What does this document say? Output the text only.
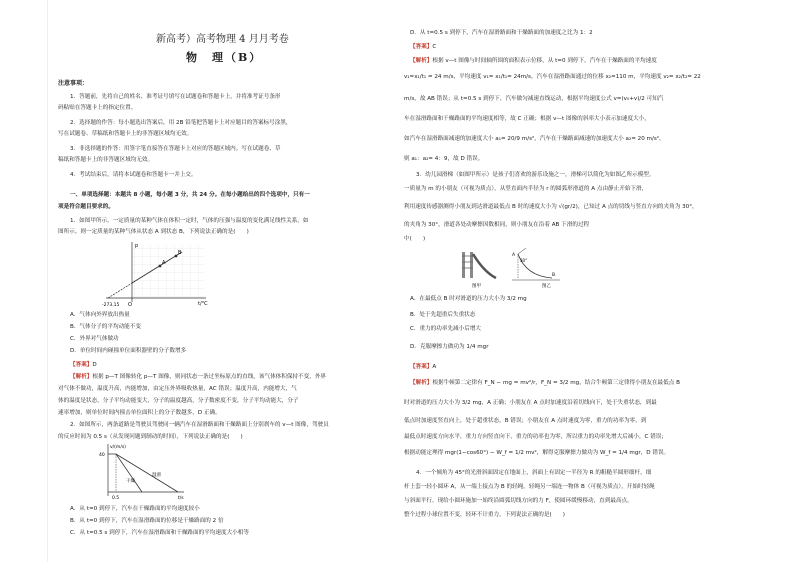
新高考）高考物理 4 月月考卷
物　理（B）
注意事项：
1．答题前，先将自己的姓名、准考证号填写在试题卷和答题卡上，并将准考证号条形
码粘贴在答题卡上的指定位置。
2．选择题的作答：每小题选出答案后，用 2B 铅笔把答题卡上对应题目的答案标号涂黑，
写在试题卷、草稿纸和答题卡上的非答题区域均无效。
3．非选择题的作答：用签字笔直接答在答题卡上对应的答题区域内。写在试题卷、草
稿纸和答题卡上的非答题区域均无效。
4．考试结束后，请将本试题卷和答题卡一并上交。
一、单项选择题：本题共 8 小题，每小题 3 分，共 24 分。在每小题给出的四个选项中，只有一
项是符合题目要求的。
1．如图甲所示，一定质量的某种气体在体积一定时，气体的压强与温度的变化满足线性关系，如
图所示。则一定质量的某种气体从状态 A 到状态 B，下列说法正确的是(　　)
A
B
p
t/°C
-273.15 O
A．气体向外界放出热量
B．气体分子的平均动能不变
C．外界对气体做功
D．单位时间内碰撞单位面积器壁的分子数增多
【答案】D
【解析】根据 p—T 图像转化 p—T 图像，则同状态一条过坐标原点的直线，该气体体积保持不变，外界
对气体不做功，温度升高，内能增加，由定压外界吸收热量，AC 错误；温度升高，内能增大，气
体的温度是状态，分子平均动能变大，分子的温度越高，分子数密度不变，分子平均动能大，分子
速率增加，则单位时间内撞击单位面积上的分子数越多，D 正确。
2．如图所示，两条道路是驾驶员驾驶同一辆汽车在湿滑路面和干燥路面上分别刹车的 v—t 图像，驾驶员
的反应时间为 0.5 s（从发现问题到制动的时间），下列说法正确的是(　　)
v/(m/s)
t/s
40
0.5
湿滑
干燥
A．从 t=0 到停下，汽车在干燥路面的平均速度较小
B．从 t=0 到停下，汽车在湿滑路面的位移是干燥路面的 2 倍
C．从 t=0.5 s 到停下，汽车在湿滑路面和干燥路面的平均速度大小相等
D．从 t=0.5 s 到停下，汽车在湿滑路面和干燥路面的加速度之比为 1：2
【答案】C
【解析】根据 v—t 图像与时间轴所围的面积表示位移，从 t=0 到停下，汽车在干燥路面的平均速度
v₁=x₁/t₁ = 24 m/s，平均速度 v₁= x₁/t₁= 24m/s，汽车在湿滑路面通过的位移 x₂=110 m，平均速度 v₂= x₂/t₂= 22
m/s，故 AB 错误；从 t=0.5 s 到停下，汽车做匀减速直线运动，根据平均速度公式 v=(v₀+v)/2 可知汽
车在湿滑路面和干燥路面的平均速度相等，故 C 正确；根据 v—t 图像的斜率大小表示加速度大小，
如汽车在湿滑路面减速的加速度大小 a₁= 20/9 m/s²，汽车在干燥路面减速的加速度大小 a₂= 20 m/s²，
则 a₁：a₂= 4：9，故 D 错误。
3．幼儿园滑梯（如图甲所示）是孩子们喜欢的游乐设施之一，滑梯可以简化为如图乙所示模型。
一质量为 m 的小朋友（可视为质点），从竖直面内半径为 r 的圆弧形滑道的 A 点由静止开始下滑，
利用速度传感器测得小朋友到达滑道最低点 B 时的速度大小为 √(gr/2)，已知过 A 点的切线与竖直方向的夹角为 30°，
的夹角为 30°，滑道各处动摩擦因数相同，则小朋友在沿着 AB 下滑的过程
中(　　)
图甲
A
B
30°
图乙
A．在最低点 B 时对滑道的压力大小为 3/2 mg
B．处于先超重后失重状态
C．重力的功率先减小后增大
D．克服摩擦力做功为 1/4 mgr
【答案】A
【解析】根据牛顿第二定律有 F_N − mg = mv²/r，F_N = 3/2 mg，结合牛顿第三定律得小朋友在最低点 B
时对滑道的压力大小为 3/2 mg，A 正确；小朋友在 A 点时加速度沿着切线向下，处于失重状态，到最
低点时加速度竖直向上，处于超重状态，B 错误；小朋友在 A 点时速度为零，重力的功率为零，到
最低点时速度方向水平，重力方向竖直向下，重力的功率也为零，所以重力的功率先增大后减小，C 错误；
根据动能定理得 mgr(1−cos60°) − W_f = 1/2 mv²，解得克服摩擦力做功为 W_f = 1/4 mgr，D 错误。
4．一个倾角为 45°的光滑斜面固定在地面上，斜面上有固定一半径为 R 的粗糙半圆形细杆，细
杆上套一轻小圆环 A，从一端上接点为 B 的轻绳。轻绳另一端连一物体 B（可视为质点），开始时轻绳
与斜面平行。现给小圆环施加一始终沿圆弧切线方向的力 F，使圆环缓慢移动，直到最高点。
整个过程小球位置不变，轻环不计重力，下列说法正确的是(　　)
